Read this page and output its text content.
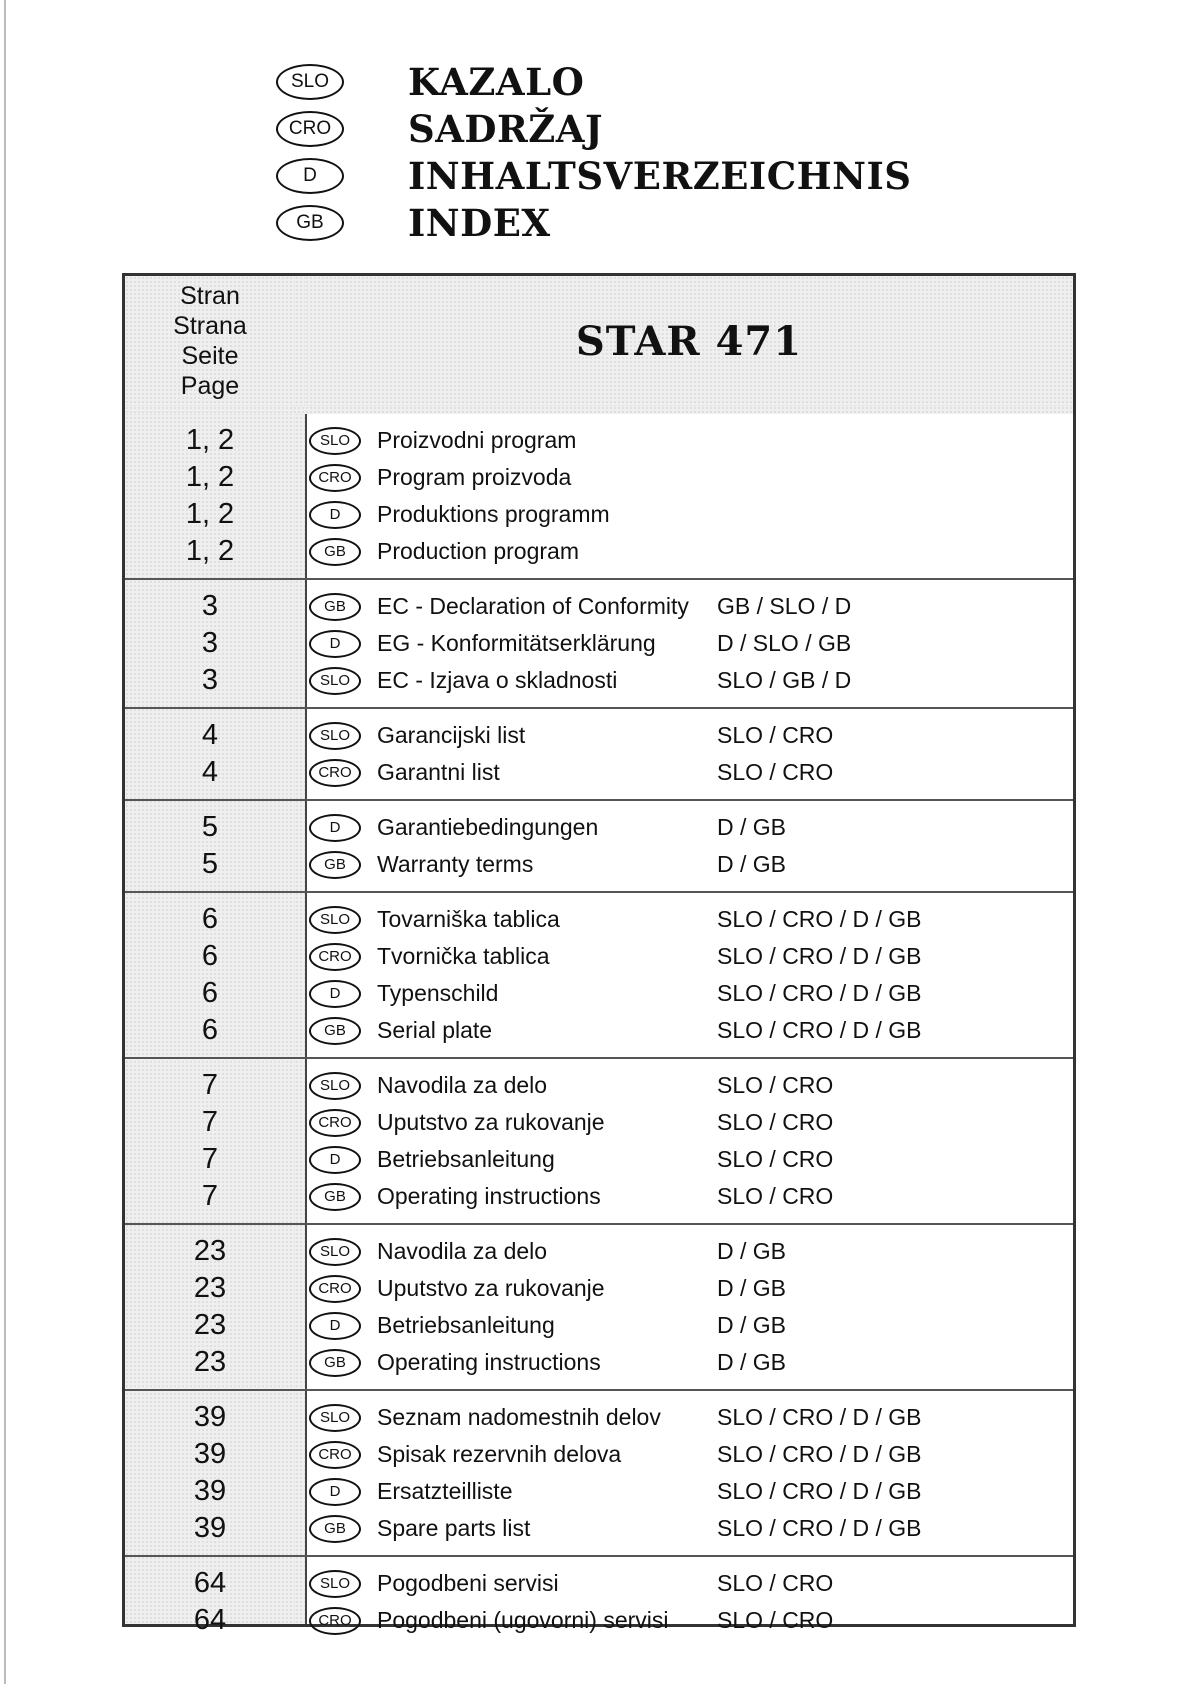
SLO	KAZALO
CRO	SADRŽAJ
D	INHALTSVERZEICHNIS
GB	INDEX
Stran
Strana
Seite
Page
STAR 471
1, 2	SLO	Proizvodni program
1, 2	CRO	Program proizvoda
1, 2	D	Produktions programm
1, 2	GB	Production program
3	GB	EC - Declaration of Conformity	GB / SLO / D
3	D	EG - Konformitätserklärung	D / SLO / GB
3	SLO	EC - Izjava o skladnosti	SLO / GB / D
4	SLO	Garancijski list	SLO / CRO
4	CRO	Garantni list	SLO / CRO
5	D	Garantiebedingungen	D / GB
5	GB	Warranty terms	D / GB
6	SLO	Tovarniška tablica	SLO / CRO / D / GB
6	CRO	Tvornička tablica	SLO / CRO / D / GB
6	D	Typenschild	SLO / CRO / D / GB
6	GB	Serial plate	SLO / CRO / D / GB
7	SLO	Navodila za delo	SLO / CRO
7	CRO	Uputstvo za rukovanje	SLO / CRO
7	D	Betriebsanleitung	SLO / CRO
7	GB	Operating instructions	SLO / CRO
23	SLO	Navodila za delo	D / GB
23	CRO	Uputstvo za rukovanje	D / GB
23	D	Betriebsanleitung	D / GB
23	GB	Operating instructions	D / GB
39	SLO	Seznam nadomestnih delov	SLO / CRO / D / GB
39	CRO	Spisak rezervnih delova	SLO / CRO / D / GB
39	D	Ersatzteilliste	SLO / CRO / D / GB
39	GB	Spare parts list	SLO / CRO / D / GB
64	SLO	Pogodbeni servisi	SLO / CRO
64	CRO	Pogodbeni (ugovorni) servisi	SLO / CRO
